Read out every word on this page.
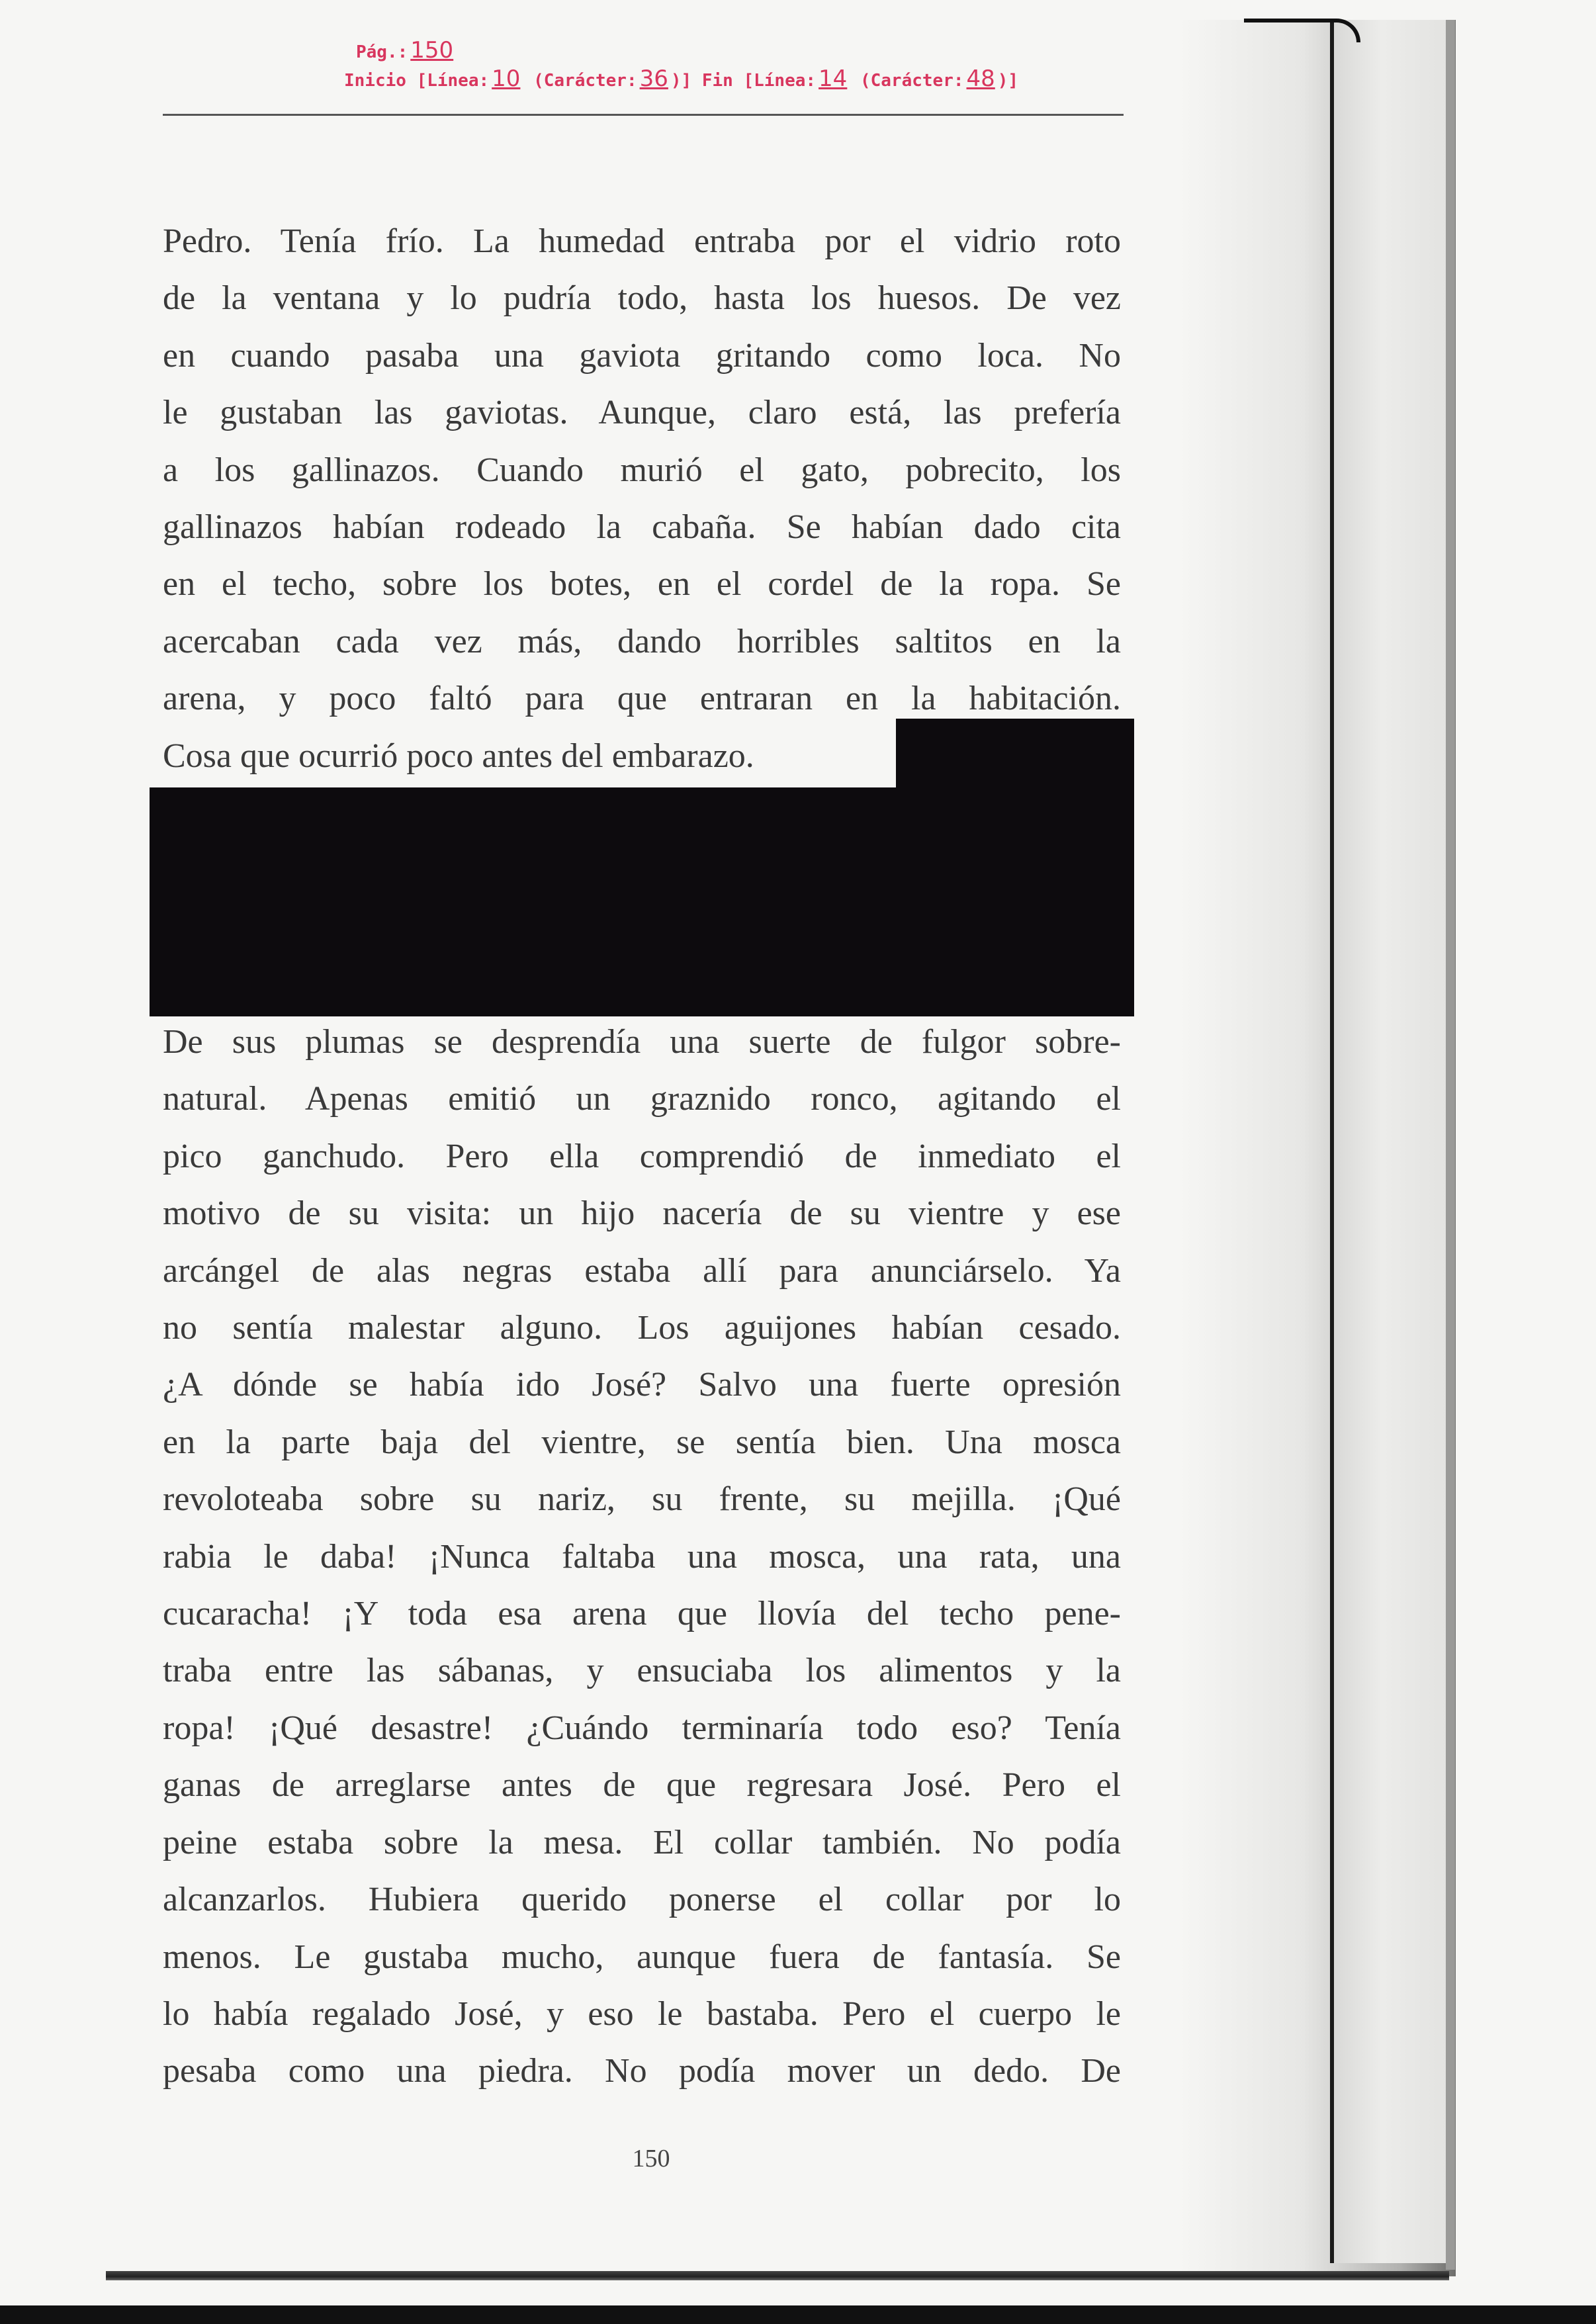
Pág.: 150
Inicio [Línea: 10 (Carácter: 36 )] Fin [Línea: 14 (Carácter: 48 )]
Pedro. Tenía frío. La humedad entraba por el vidrio roto
de la ventana y lo pudría todo, hasta los huesos. De vez
en cuando pasaba una gaviota gritando como loca. No
le gustaban las gaviotas. Aunque, claro está, las prefería
a los gallinazos. Cuando murió el gato, pobrecito, los
gallinazos habían rodeado la cabaña. Se habían dado cita
en el techo, sobre los botes, en el cordel de la ropa. Se
acercaban cada vez más, dando horribles saltitos en la
arena, y poco faltó para que entraran en la habitación.
Cosa que ocurrió poco antes del embarazo.
De sus plumas se desprendía una suerte de fulgor sobre-
natural. Apenas emitió un graznido ronco, agitando el
pico ganchudo. Pero ella comprendió de inmediato el
motivo de su visita: un hijo nacería de su vientre y ese
arcángel de alas negras estaba allí para anunciárselo. Ya
no sentía malestar alguno. Los aguijones habían cesado.
¿A dónde se había ido José? Salvo una fuerte opresión
en la parte baja del vientre, se sentía bien. Una mosca
revoloteaba sobre su nariz, su frente, su mejilla. ¡Qué
rabia le daba! ¡Nunca faltaba una mosca, una rata, una
cucaracha! ¡Y toda esa arena que llovía del techo pene-
traba entre las sábanas, y ensuciaba los alimentos y la
ropa! ¡Qué desastre! ¿Cuándo terminaría todo eso? Tenía
ganas de arreglarse antes de que regresara José. Pero el
peine estaba sobre la mesa. El collar también. No podía
alcanzarlos. Hubiera querido ponerse el collar por lo
menos. Le gustaba mucho, aunque fuera de fantasía. Se
lo había regalado José, y eso le bastaba. Pero el cuerpo le
pesaba como una piedra. No podía mover un dedo. De
150
